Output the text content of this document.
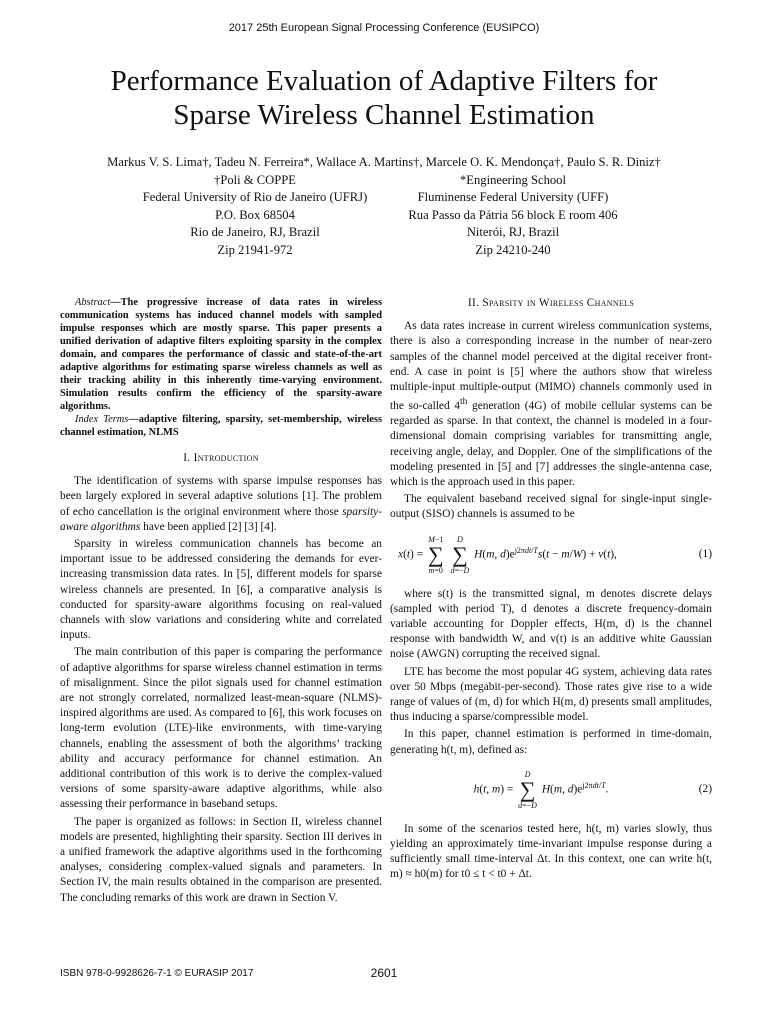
2017 25th European Signal Processing Conference (EUSIPCO)
Performance Evaluation of Adaptive Filters for
Sparse Wireless Channel Estimation
Markus V. S. Lima†, Tadeu N. Ferreira*, Wallace A. Martins†, Marcele O. K. Mendonça†, Paulo S. R. Diniz†
†Poli & COPPE
Federal University of Rio de Janeiro (UFRJ)
P.O. Box 68504
Rio de Janeiro, RJ, Brazil
Zip 21941-972
*Engineering School
Fluminense Federal University (UFF)
Rua Passo da Pátria 56 block E room 406
Niterói, RJ, Brazil
Zip 24210-240

Abstract—The progressive increase of data rates in wireless communication systems has induced channel models with sampled impulse responses which are mostly sparse. This paper presents a unified derivation of adaptive filters exploiting sparsity in the complex domain, and compares the performance of classic and state-of-the-art adaptive algorithms for estimating sparse wireless channels as well as their tracking ability in this inherently time-varying environment. Simulation results confirm the efficiency of the sparsity-aware algorithms.

Index Terms—adaptive filtering, sparsity, set-membership, wireless channel estimation, NLMS

I. Introduction

The identification of systems with sparse impulse responses has been largely explored in several adaptive solutions [1]. The problem of echo cancellation is the original environment where those sparsity-aware algorithms have been applied [2] [3] [4].

Sparsity in wireless communication channels has become an important issue to be addressed considering the demands for ever-increasing transmission data rates. In [5], different models for sparse wireless channels are presented. In [6], a comparative analysis is conducted for sparsity-aware algorithms focusing on real-valued channels with slow variations and considering white and correlated inputs.

The main contribution of this paper is comparing the performance of adaptive algorithms for sparse wireless channel estimation in terms of misalignment. Since the pilot signals used for channel estimation are not strongly correlated, normalized least-mean-square (NLMS)-inspired algorithms are used. As compared to [6], this work focuses on long-term evolution (LTE)-like environments, with time-varying channels, enabling the assessment of both the algorithms’ tracking ability and accuracy performance for channel estimation. An additional contribution of this work is to derive the complex-valued versions of some sparsity-aware adaptive algorithms, while also assessing their performance in baseband setups.

The paper is organized as follows: in Section II, wireless channel models are presented, highlighting their sparsity. Section III derives in a unified framework the adaptive algorithms used in the forthcoming analyses, considering complex-valued signals and parameters. In Section IV, the main results obtained in the comparison are presented. The concluding remarks of this work are drawn in Section V.

II. Sparsity in Wireless Channels

As data rates increase in current wireless communication systems, there is also a corresponding increase in the number of near-zero samples of the channel model perceived at the digital receiver front-end. A case in point is [5] where the authors show that wireless multiple-input multiple-output (MIMO) channels commonly used in the so-called 4th generation (4G) of mobile cellular systems can be regarded as sparse. In that context, the channel is modeled in a four-dimensional domain comprising variables for transmitting angle, receiving angle, delay, and Doppler. One of the simplifications of the modeling presented in [5] and [7] addresses the single-antenna case, which is the approach used in this paper.

The equivalent baseband received signal for single-input single-output (SISO) channels is assumed to be

x(t) =
M−1
∑
m=0

D
∑
d=−D
H(m, $d)e^{j2\pi dt/T}s(t - m/W) + v(t)$,	(1)

where s(t) is the transmitted signal, m denotes discrete delays (sampled with period T), d denotes a discrete frequency-domain variable accounting for Doppler effects, H(m, d) is the channel response with bandwidth W, and v(t) is an additive white Gaussian noise (AWGN) corrupting the received signal.

LTE has become the most popular 4G system, achieving data rates over 50 Mbps (megabit-per-second). Those rates give rise to a wide range of values of (m, d) for which H(m, d) presents small amplitudes, thus inducing a sparse/compressible model.

In this paper, channel estimation is performed in time-domain, generating h(t, m), defined as:

h(t, m) =
D
∑
d=−D
H(m, $d)e^{j2\pi dt/T}$.	(2)

In some of the scenarios tested here, h(t, m) varies slowly, thus yielding an approximately time-invariant impulse response during a sufficiently small time-interval Δt. In this context, one can write h(t, m) ≈ h0(m) for t0 ≤ t < t0 + Δt.

ISBN 978-0-9928626-7-1 © EURASIP 2017	2601
